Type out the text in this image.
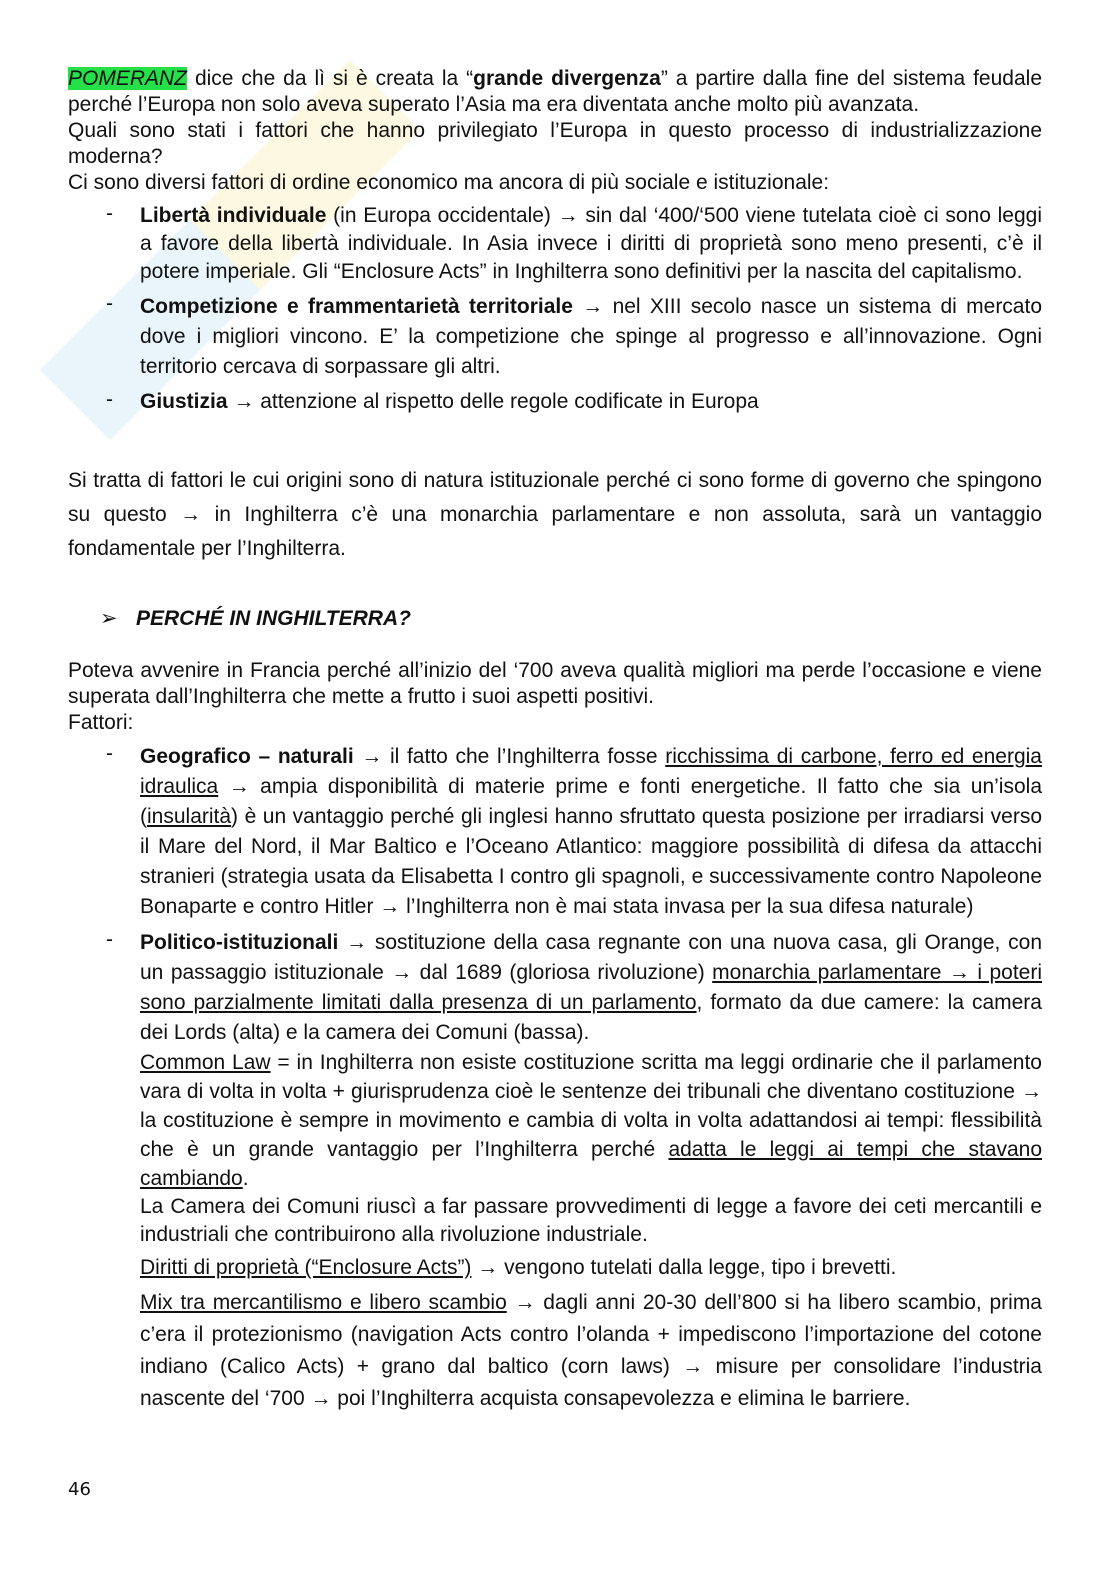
POMERANZ dice che da lì si è creata la “grande divergenza” a partire dalla fine del sistema feudale perché l’Europa non solo aveva superato l’Asia ma era diventata anche molto più avanzata.

Quali sono stati i fattori che hanno privilegiato l’Europa in questo processo di industrializzazione moderna?

Ci sono diversi fattori di ordine economico ma ancora di più sociale e istituzionale:

- Libertà individuale (in Europa occidentale) → sin dal ‘400/‘500 viene tutelata cioè ci sono leggi a favore della libertà individuale. In Asia invece i diritti di proprietà sono meno presenti, c’è il potere imperiale. Gli “Enclosure Acts” in Inghilterra sono definitivi per la nascita del capitalismo.

- Competizione e frammentarietà territoriale → nel XIII secolo nasce un sistema di mercato dove i migliori vincono. E’ la competizione che spinge al progresso e all’innovazione. Ogni territorio cercava di sorpassare gli altri.

- Giustizia → attenzione al rispetto delle regole codificate in Europa

Si tratta di fattori le cui origini sono di natura istituzionale perché ci sono forme di governo che spingono su questo → in Inghilterra c’è una monarchia parlamentare e non assoluta, sarà un vantaggio fondamentale per l’Inghilterra.

➢ PERCHÉ IN INGHILTERRA?

Poteva avvenire in Francia perché all’inizio del ‘700 aveva qualità migliori ma perde l’occasione e viene superata dall’Inghilterra che mette a frutto i suoi aspetti positivi.

Fattori:

- Geografico – naturali → il fatto che l’Inghilterra fosse ricchissima di carbone, ferro ed energia idraulica → ampia disponibilità di materie prime e fonti energetiche. Il fatto che sia un’isola (insularità) è un vantaggio perché gli inglesi hanno sfruttato questa posizione per irradiarsi verso il Mare del Nord, il Mar Baltico e l’Oceano Atlantico: maggiore possibilità di difesa da attacchi stranieri (strategia usata da Elisabetta I contro gli spagnoli, e successivamente contro Napoleone Bonaparte e contro Hitler → l’Inghilterra non è mai stata invasa per la sua difesa naturale)

- Politico-istituzionali → sostituzione della casa regnante con una nuova casa, gli Orange, con un passaggio istituzionale → dal 1689 (gloriosa rivoluzione) monarchia parlamentare → i poteri sono parzialmente limitati dalla presenza di un parlamento, formato da due camere: la camera dei Lords (alta) e la camera dei Comuni (bassa).

Common Law = in Inghilterra non esiste costituzione scritta ma leggi ordinarie che il parlamento vara di volta in volta + giurisprudenza cioè le sentenze dei tribunali che diventano costituzione → la costituzione è sempre in movimento e cambia di volta in volta adattandosi ai tempi: flessibilità che è un grande vantaggio per l’Inghilterra perché adatta le leggi ai tempi che stavano cambiando.

La Camera dei Comuni riuscì a far passare provvedimenti di legge a favore dei ceti mercantili e industriali che contribuirono alla rivoluzione industriale.

Diritti di proprietà (“Enclosure Acts”) → vengono tutelati dalla legge, tipo i brevetti.

Mix tra mercantilismo e libero scambio → dagli anni 20-30 dell’800 si ha libero scambio, prima c’era il protezionismo (navigation Acts contro l’olanda + impediscono l’importazione del cotone indiano (Calico Acts) + grano dal baltico (corn laws) → misure per consolidare l’industria nascente del ‘700 → poi l’Inghilterra acquista consapevolezza e elimina le barriere.

46
